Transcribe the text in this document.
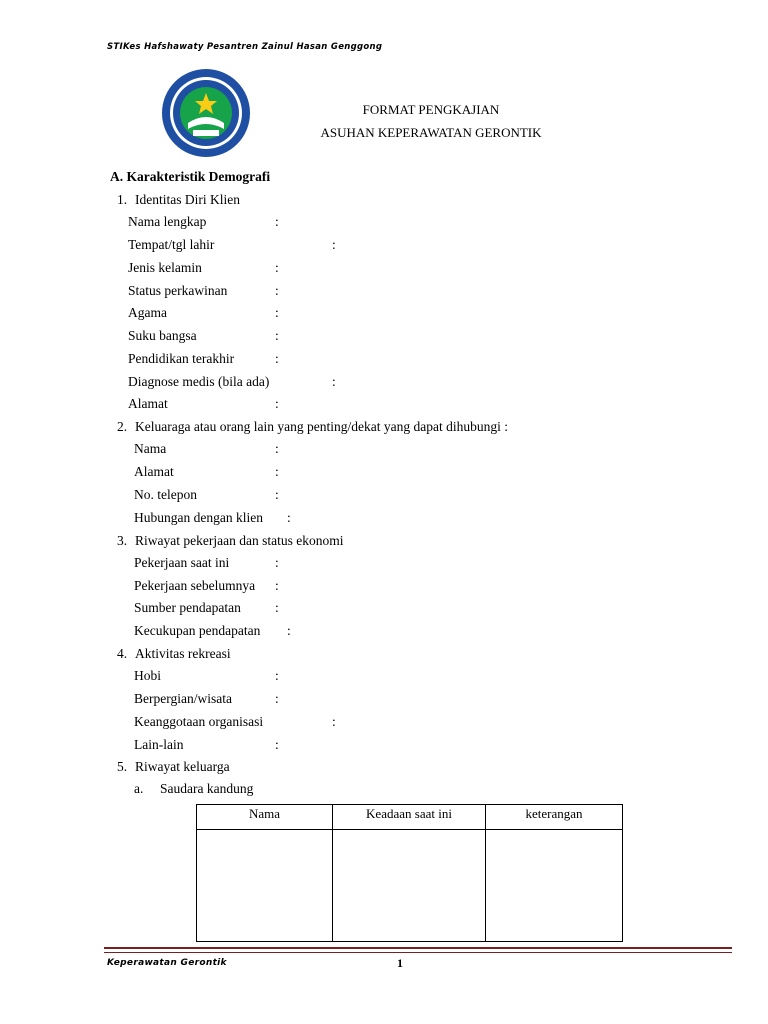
STIKes Hafshawaty Pesantren Zainul Hasan Genggong
FORMAT PENGKAJIAN
ASUHAN KEPERAWATAN GERONTIK
A. Karakteristik Demografi
1. Identitas Diri Klien
Nama lengkap	:
Tempat/tgl lahir	:
Jenis kelamin	:
Status perkawinan	:
Agama	:
Suku bangsa	:
Pendidikan terakhir	:
Diagnose medis (bila ada)	:
Alamat	:
2. Keluaraga atau orang lain yang penting/dekat yang dapat dihubungi :
Nama	:
Alamat	:
No. telepon	:
Hubungan dengan klien :
3. Riwayat pekerjaan dan status ekonomi
Pekerjaan saat ini	:
Pekerjaan sebelumnya :
Sumber pendapatan	:
Kecukupan pendapatan :
4. Aktivitas rekreasi
Hobi	:
Berpergian/wisata	:
Keanggotaan organisasi	:
Lain-lain	:
5. Riwayat keluarga
a. Saudara kandung
Nama	Keadaan saat ini	keterangan

Keperawatan Gerontik	1
